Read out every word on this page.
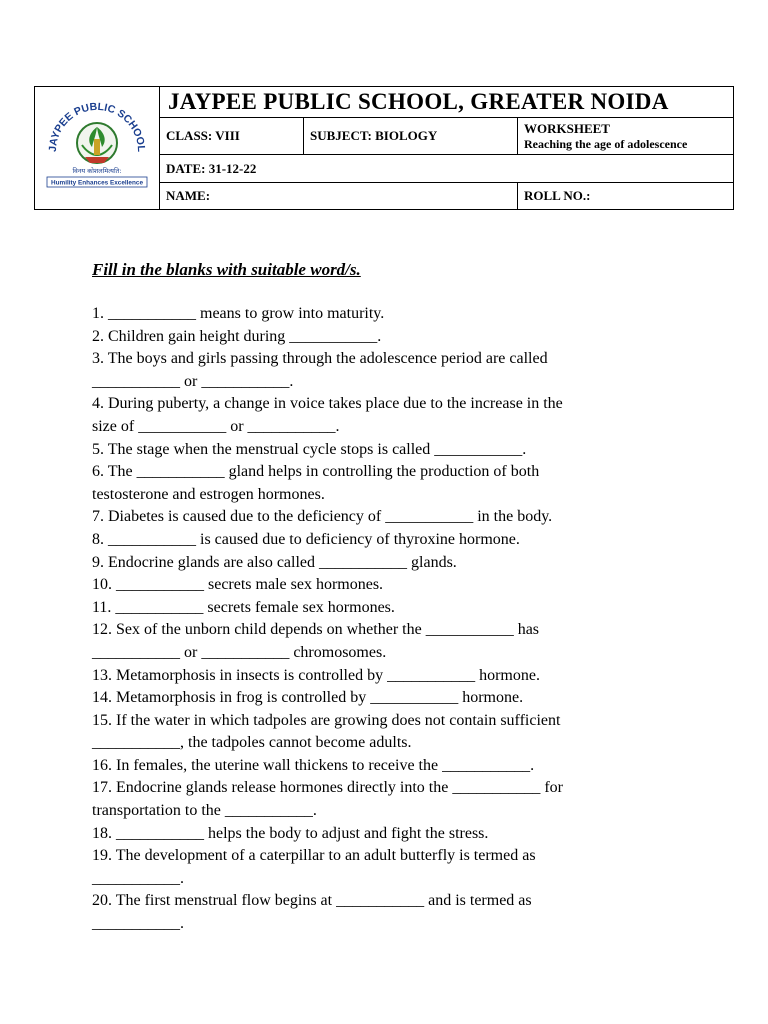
JAYPEE PUBLIC SCHOOL
विनय कोशलमित्यति:
Humility Enhances Excellence	JAYPEE PUBLIC SCHOOL, GREATER NOIDA		
	CLASS: VIII	SUBJECT: BIOLOGY	WORKSHEET
Reaching the age of adolescence

	DATE: 31-12-22		
	NAME:		ROLL NO.:

Fill in the blanks with suitable word/s.

1. ___________ means to grow into maturity.
2. Children gain height during ___________.
3. The boys and girls passing through the adolescence period are called
___________ or ___________.
4. During puberty, a change in voice takes place due to the increase in the
size of ___________ or ___________.
5. The stage when the menstrual cycle stops is called ___________.
6. The ___________ gland helps in controlling the production of both
testosterone and estrogen hormones.
7. Diabetes is caused due to the deficiency of ___________ in the body.
8. ___________ is caused due to deficiency of thyroxine hormone.
9. Endocrine glands are also called ___________ glands.
10. ___________ secrets male sex hormones.
11. ___________ secrets female sex hormones.
12. Sex of the unborn child depends on whether the ___________ has
___________ or ___________ chromosomes.
13. Metamorphosis in insects is controlled by ___________ hormone.
14. Metamorphosis in frog is controlled by ___________ hormone.
15. If the water in which tadpoles are growing does not contain sufficient
___________, the tadpoles cannot become adults.
16. In females, the uterine wall thickens to receive the ___________.
17. Endocrine glands release hormones directly into the ___________ for
transportation to the ___________.
18. ___________ helps the body to adjust and fight the stress.
19. The development of a caterpillar to an adult butterfly is termed as
___________.
20. The first menstrual flow begins at ___________ and is termed as
___________.
